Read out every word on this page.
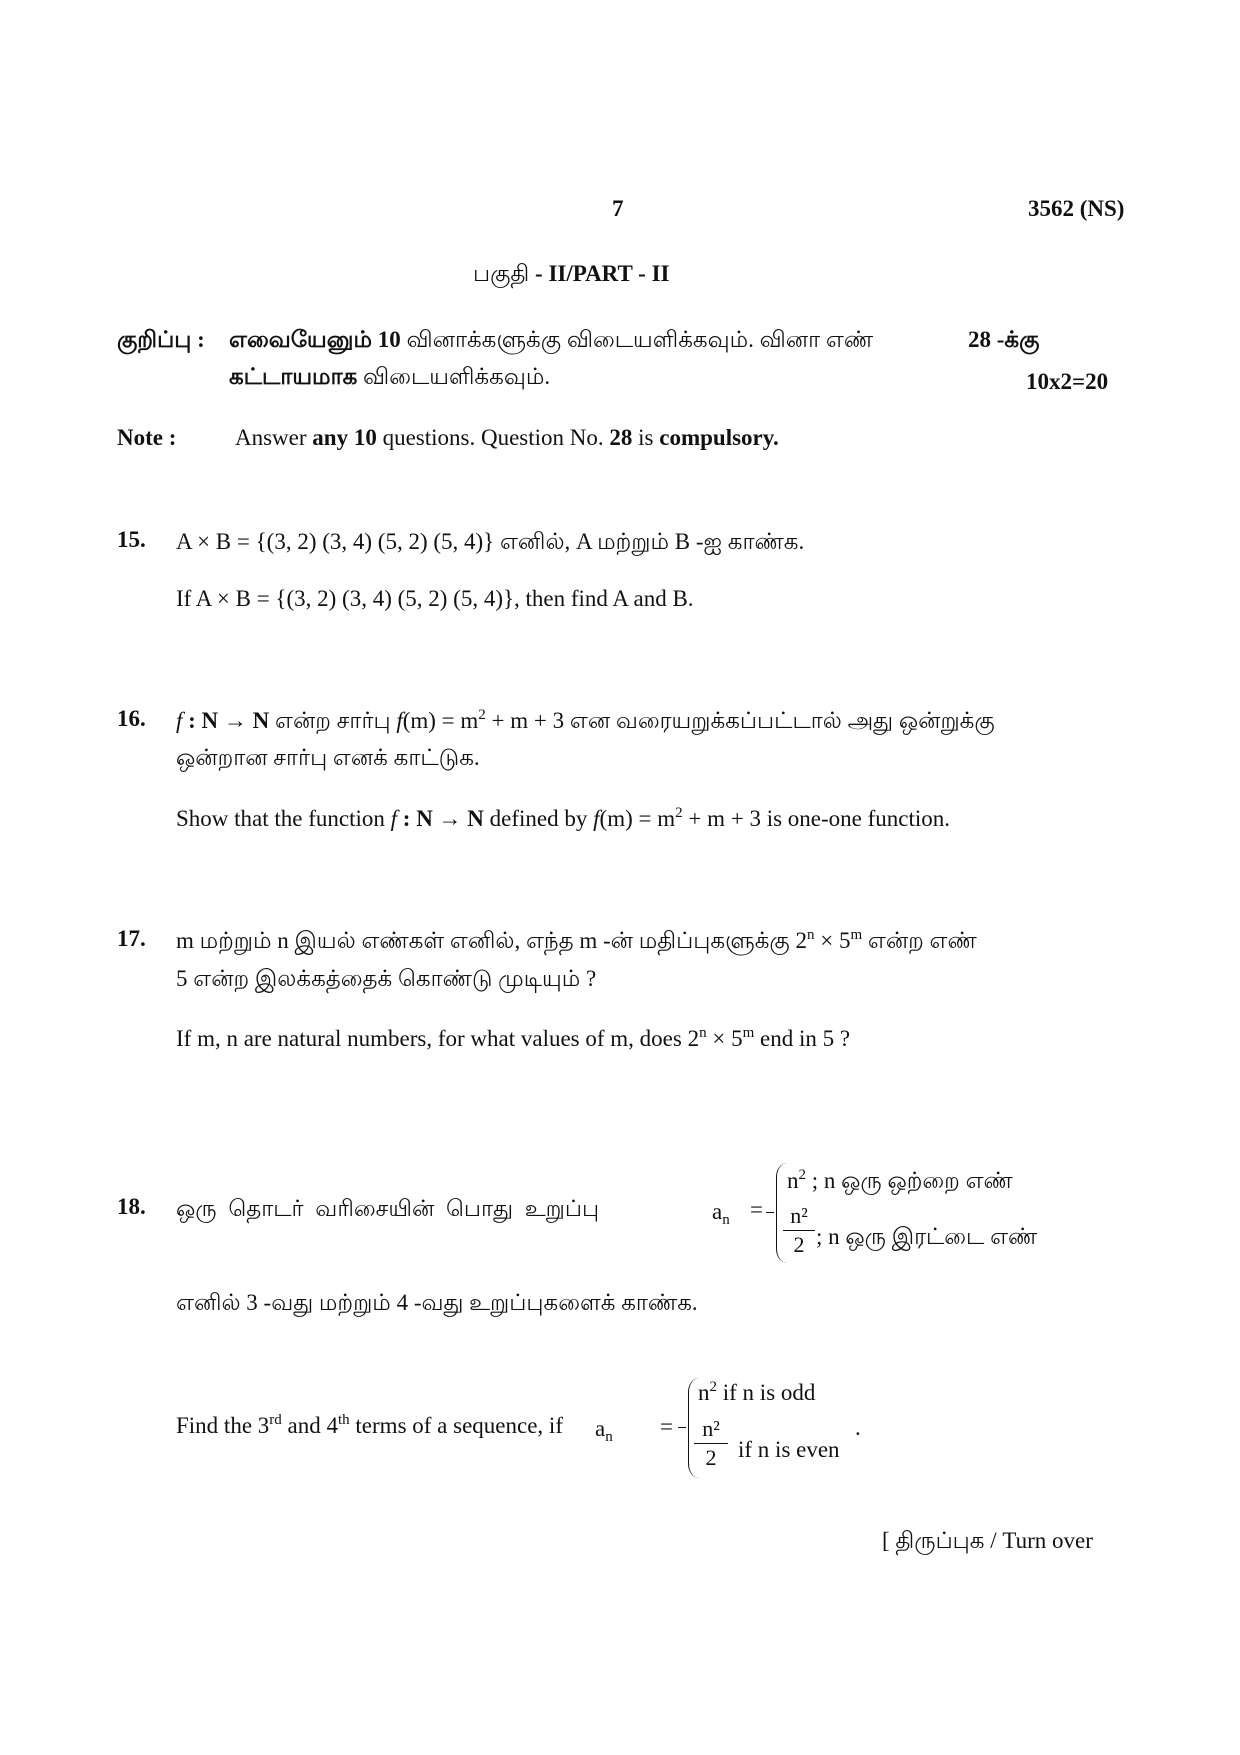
7	3562 (NS)
பகுதி - II/PART - II
குறிப்பு : எவையேனும் 10 வினாக்களுக்கு விடையளிக்கவும். வினா எண்	28 -க்கு
கட்டாயமாக விடையளிக்கவும்.	10x2=20
Note :	Answer any 10 questions. Question No. 28 is compulsory.
15. A × B = {(3, 2) (3, 4) (5, 2) (5, 4)} எனில், A மற்றும் B -ஐ காண்க.
If A × B = {(3, 2) (3, 4) (5, 2) (5, 4)}, then find A and B.
16. f : N → N என்ற சார்பு $f(m) = m^2 + m + 3$ என வரையறுக்கப்பட்டால் அது ஒன்றுக்கு
ஒன்றான சார்பு எனக் காட்டுக.
Show that the function f : N → N defined by $f(m) = m^2 + m + 3$ is one-one function.
17. m மற்றும் n இயல் எண்கள் எனில், எந்த m -ன் மதிப்புகளுக்கு $2^n \times 5^m$ என்ற எண்
5 என்ற இலக்கத்தைக் கொண்டு முடியும் ?
If m, n are natural numbers, for what values of m, does $2^n \times 5^m$ end in 5 ?
18. ஒரு தொடர் வரிசையின் பொது உறுப்பு	$a_n$ =
$n^2$ ; n ஒரு ஒற்றை எண்
n²
2 ; n ஒரு இரட்டை எண்
எனில் 3 -வது மற்றும் 4 -வது உறுப்புகளைக் காண்க.
Find the 3rd and 4th terms of a sequence, if $a_n$ =
$n^2$ if n is odd
n²
2 if n is even
.
[ திருப்புக / Turn over
